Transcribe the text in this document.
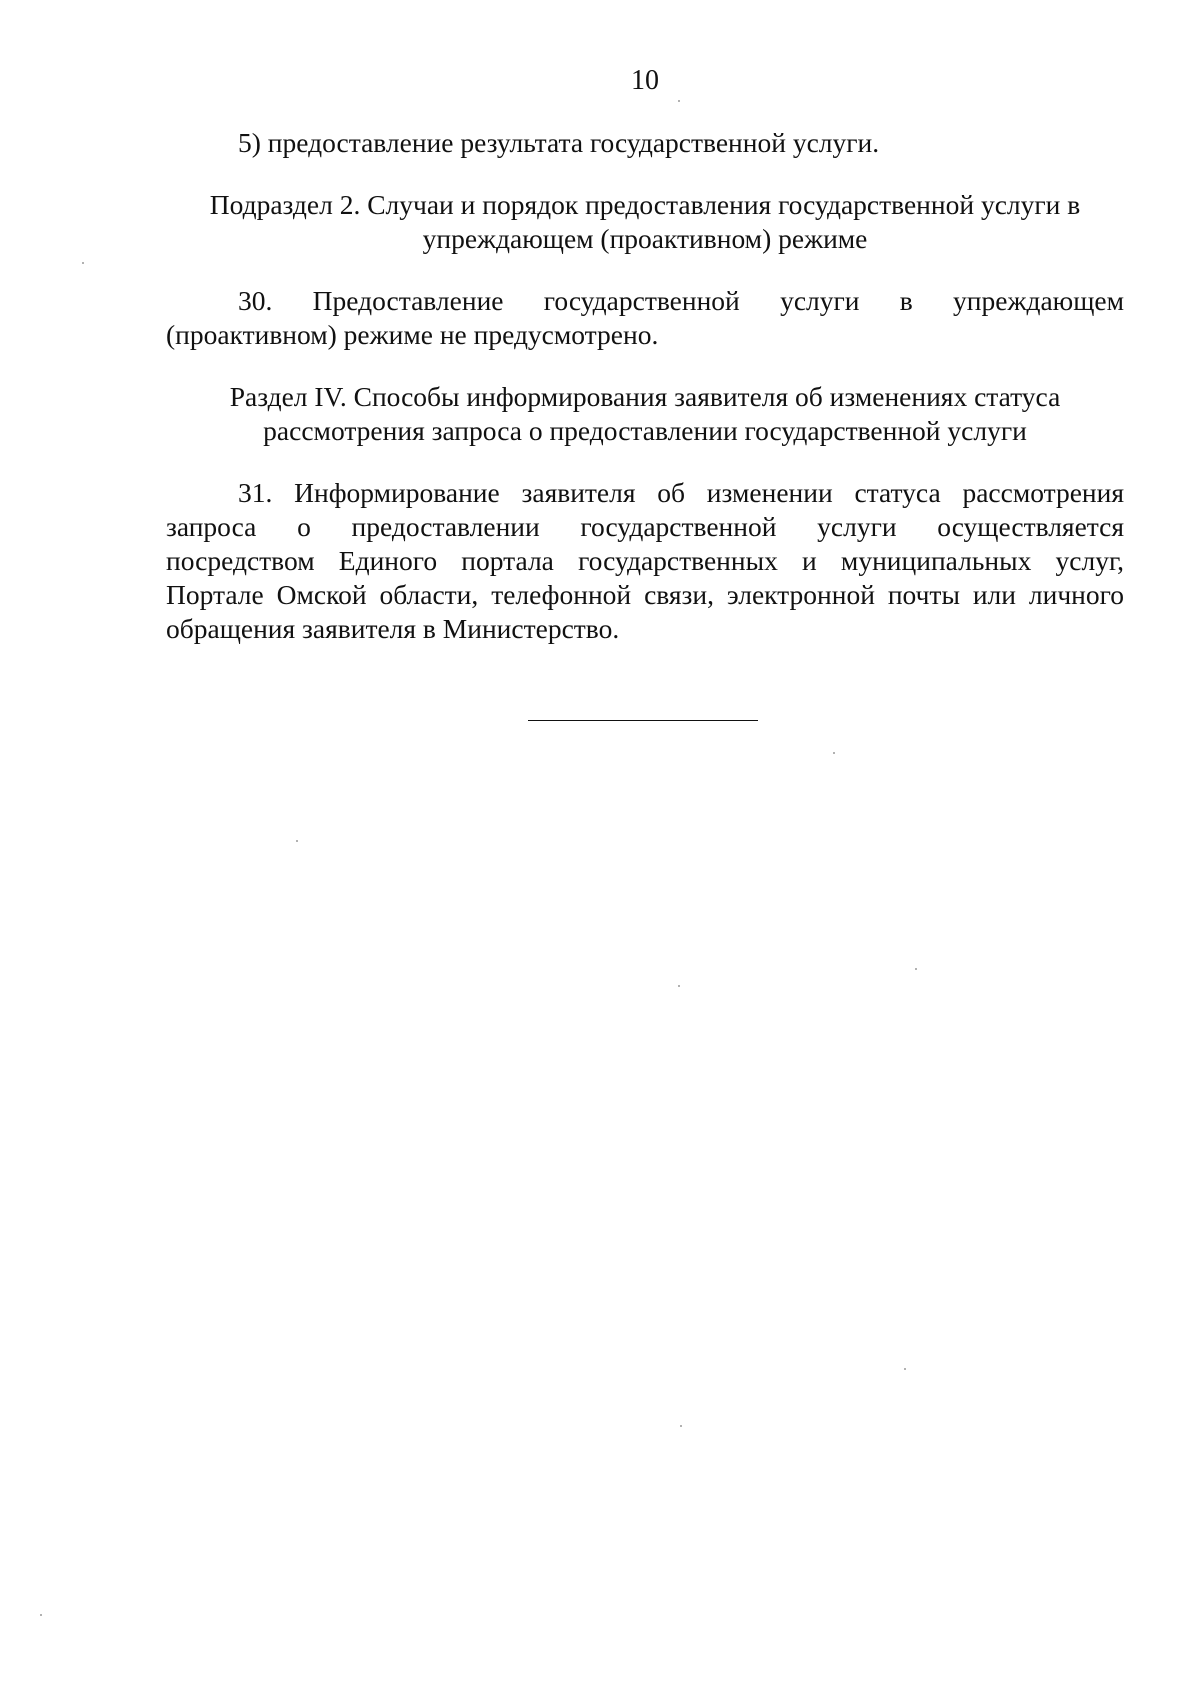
10

5) предоставление результата государственной услуги.

Подраздел 2. Случаи и порядок предоставления государственной услуги в

упреждающем (проактивном) режиме

30. Предоставление государственной услуги в упреждающем

(проактивном) режиме не предусмотрено.

Раздел IV. Способы информирования заявителя об изменениях статуса

рассмотрения запроса о предоставлении государственной услуги

31. Информирование заявителя об изменении статуса рассмотрения

запроса о предоставлении государственной услуги осуществляется

посредством Единого портала государственных и муниципальных услуг,

Портале Омской области, телефонной связи, электронной почты или личного

обращения заявителя в Министерство.
